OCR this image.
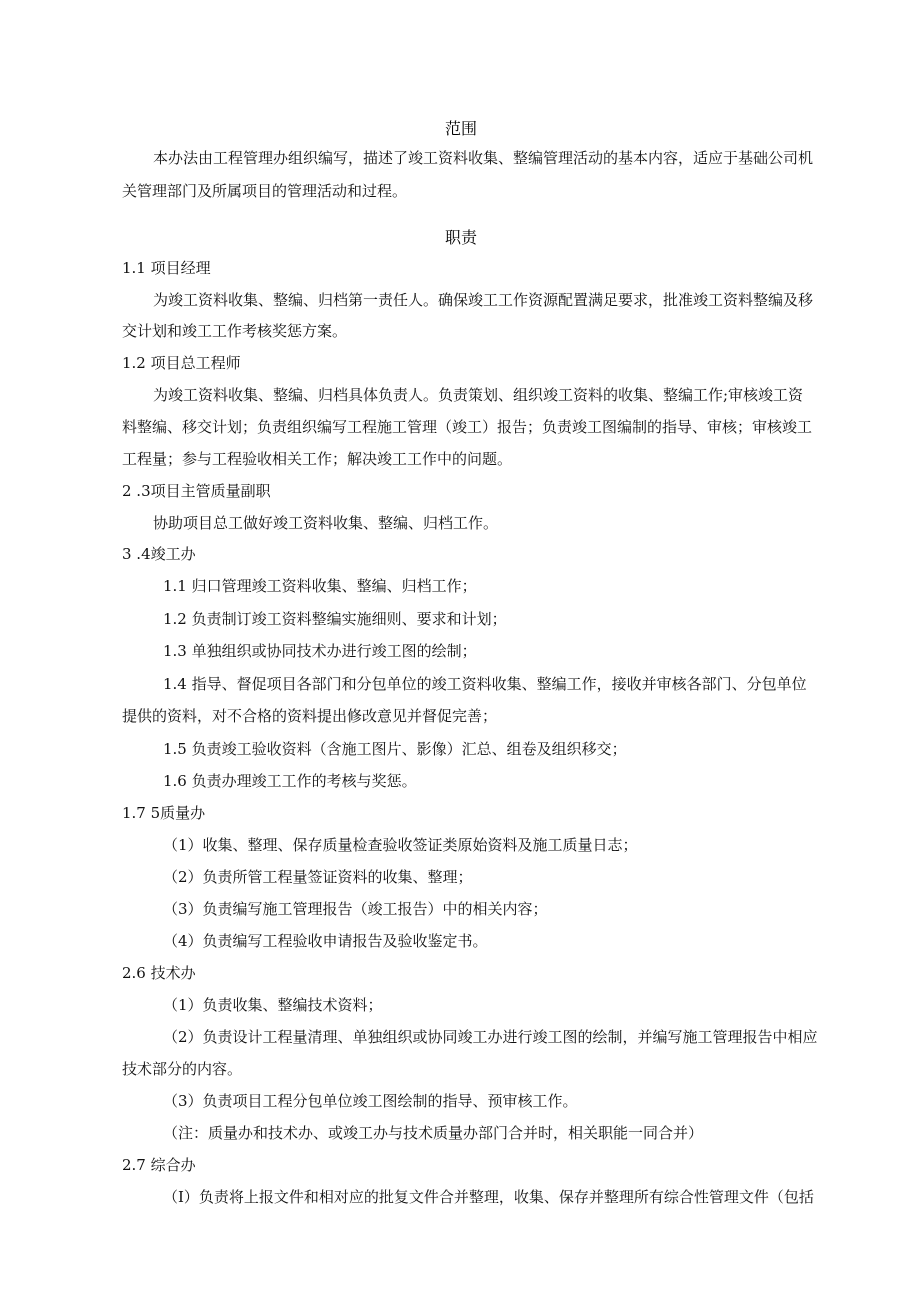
范围

本办法由工程管理办组织编写，描述了竣工资料收集、整编管理活动的基本内容，适应于基础公司机

关管理部门及所属项目的管理活动和过程。

职责

1.1 项目经理

为竣工资料收集、整编、归档第一责任人。确保竣工工作资源配置满足要求，批准竣工资料整编及移

交计划和竣工工作考核奖惩方案。

1.2 项目总工程师

为竣工资料收集、整编、归档具体负责人。负责策划、组织竣工资料的收集、整编工作;审核竣工资

料整编、移交计划；负责组织编写工程施工管理（竣工）报告；负责竣工图编制的指导、审核；审核竣工

工程量；参与工程验收相关工作；解决竣工工作中的问题。

2 .3项目主管质量副职

协助项目总工做好竣工资料收集、整编、归档工作。

3 .4竣工办

1.1 归口管理竣工资料收集、整编、归档工作；

1.2 负责制订竣工资料整编实施细则、要求和计划；

1.3 单独组织或协同技术办进行竣工图的绘制；

1.4 指导、督促项目各部门和分包单位的竣工资料收集、整编工作，接收并审核各部门、分包单位

提供的资料，对不合格的资料提出修改意见并督促完善；

1.5 负责竣工验收资料（含施工图片、影像）汇总、组卷及组织移交；

1.6 负责办理竣工工作的考核与奖惩。

1.7 5质量办

（1）收集、整理、保存质量检查验收签证类原始资料及施工质量日志；

（2）负责所管工程量签证资料的收集、整理；

（3）负责编写施工管理报告（竣工报告）中的相关内容；

（4）负责编写工程验收申请报告及验收鉴定书。

2.6 技术办

（1）负责收集、整编技术资料；

（2）负责设计工程量清理、单独组织或协同竣工办进行竣工图的绘制，并编写施工管理报告中相应

技术部分的内容。

（3）负责项目工程分包单位竣工图绘制的指导、预审核工作。

（注：质量办和技术办、或竣工办与技术质量办部门合并时，相关职能一同合并）

2.7 综合办

（I）负责将上报文件和相对应的批复文件合并整理，收集、保存并整理所有综合性管理文件（包括
